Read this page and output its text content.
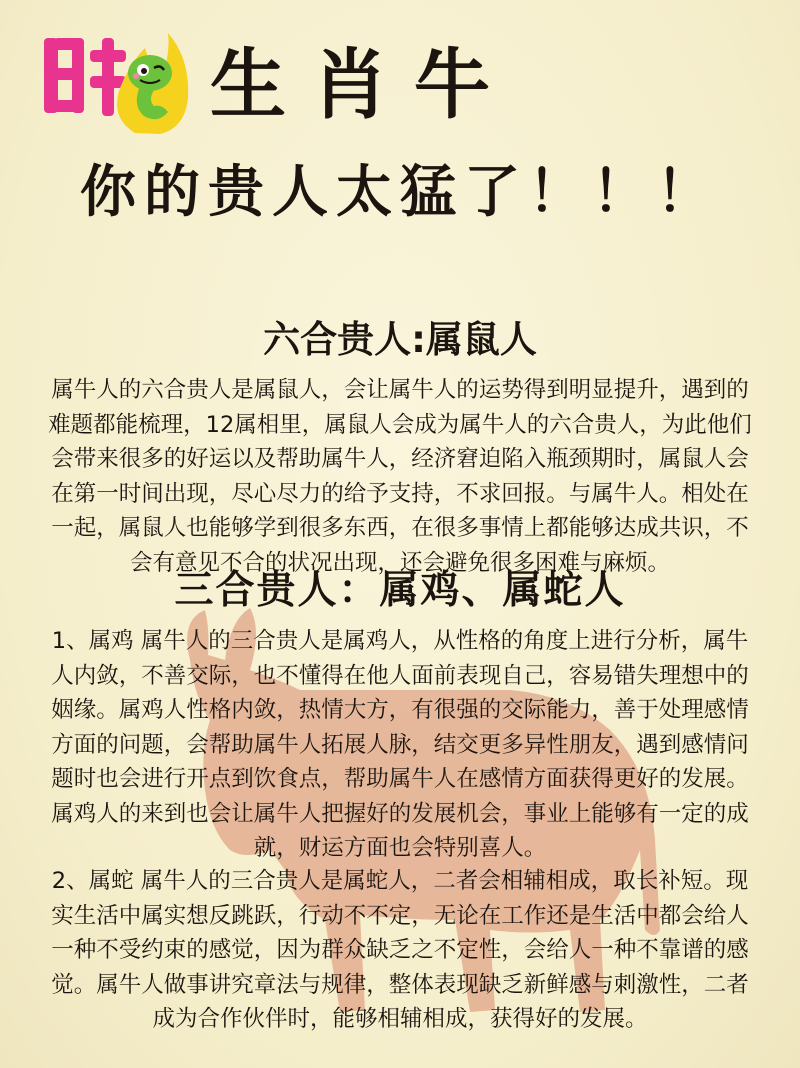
生肖牛
你的贵人太猛了！！！
六合贵人:属鼠人

属牛人的六合贵人是属鼠人，会让属牛人的运势得到明显提升，遇到的难题都能梳理，12属相里，属鼠人会成为属牛人的六合贵人，为此他们会带来很多的好运以及帮助属牛人，经济窘迫陷入瓶颈期时，属鼠人会在第一时间出现，尽心尽力的给予支持，不求回报。与属牛人。相处在一起，属鼠人也能够学到很多东西，在很多事情上都能够达成共识，不会有意见不合的状况出现，还会避免很多困难与麻烦。

三合贵人：属鸡、属蛇人

1、属鸡 属牛人的三合贵人是属鸡人，从性格的角度上进行分析，属牛人内敛，不善交际，也不懂得在他人面前表现自己，容易错失理想中的姻缘。属鸡人性格内敛，热情大方，有很强的交际能力，善于处理感情方面的问题，会帮助属牛人拓展人脉，结交更多异性朋友，遇到感情问题时也会进行开点到饮食点，帮助属牛人在感情方面获得更好的发展。属鸡人的来到也会让属牛人把握好的发展机会，事业上能够有一定的成就，财运方面也会特别喜人。

2、属蛇 属牛人的三合贵人是属蛇人，二者会相辅相成，取长补短。现实生活中属实想反跳跃，行动不不定，无论在工作还是生活中都会给人一种不受约束的感觉，因为群众缺乏之不定性，会给人一种不靠谱的感觉。属牛人做事讲究章法与规律，整体表现缺乏新鲜感与刺激性，二者成为合作伙伴时，能够相辅相成，获得好的发展。
